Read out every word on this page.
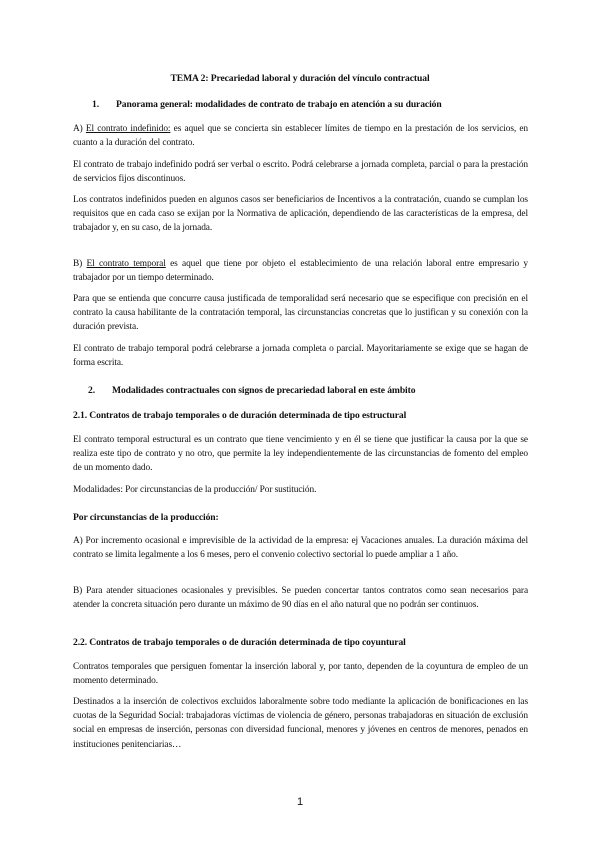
TEMA 2: Precariedad laboral y duración del vínculo contractual
1. Panorama general: modalidades de contrato de trabajo en atención a su duración
A) El contrato indefinido: es aquel que se concierta sin establecer límites de tiempo en la prestación de los servicios, en cuanto a la duración del contrato.
El contrato de trabajo indefinido podrá ser verbal o escrito. Podrá celebrarse a jornada completa, parcial o para la prestación de servicios fijos discontinuos.
Los contratos indefinidos pueden en algunos casos ser beneficiarios de Incentivos a la contratación, cuando se cumplan los requisitos que en cada caso se exijan por la Normativa de aplicación, dependiendo de las características de la empresa, del trabajador y, en su caso, de la jornada.
B) El contrato temporal es aquel que tiene por objeto el establecimiento de una relación laboral entre empresario y trabajador por un tiempo determinado.
Para que se entienda que concurre causa justificada de temporalidad será necesario que se especifique con precisión en el contrato la causa habilitante de la contratación temporal, las circunstancias concretas que lo justifican y su conexión con la duración prevista.
El contrato de trabajo temporal podrá celebrarse a jornada completa o parcial. Mayoritariamente se exige que se hagan de forma escrita.
2. Modalidades contractuales con signos de precariedad laboral en este ámbito
2.1. Contratos de trabajo temporales o de duración determinada de tipo estructural
El contrato temporal estructural es un contrato que tiene vencimiento y en él se tiene que justificar la causa por la que se realiza este tipo de contrato y no otro, que permite la ley independientemente de las circunstancias de fomento del empleo de un momento dado.
Modalidades: Por circunstancias de la producción/ Por sustitución.
Por circunstancias de la producción:
A) Por incremento ocasional e imprevisible de la actividad de la empresa: ej Vacaciones anuales. La duración máxima del contrato se limita legalmente a los 6 meses, pero el convenio colectivo sectorial lo puede ampliar a 1 año.
B) Para atender situaciones ocasionales y previsibles. Se pueden concertar tantos contratos como sean necesarios para atender la concreta situación pero durante un máximo de 90 días en el año natural que no podrán ser continuos.
2.2. Contratos de trabajo temporales o de duración determinada de tipo coyuntural
Contratos temporales que persiguen fomentar la inserción laboral y, por tanto, dependen de la coyuntura de empleo de un momento determinado.
Destinados a la inserción de colectivos excluidos laboralmente sobre todo mediante la aplicación de bonificaciones en las cuotas de la Seguridad Social: trabajadoras víctimas de violencia de género, personas trabajadoras en situación de exclusión social en empresas de inserción, personas con diversidad funcional, menores y jóvenes en centros de menores, penados en instituciones penitenciarias…
1
